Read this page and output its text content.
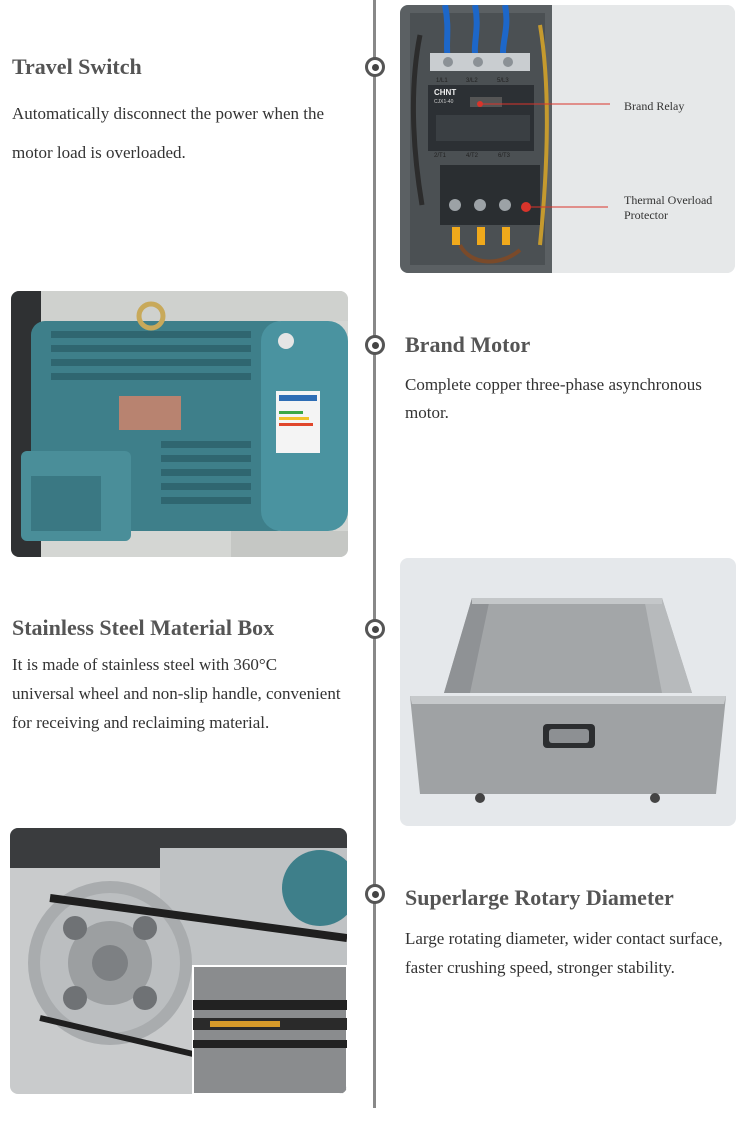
Travel Switch
Automatically disconnect the power when the motor load is overloaded.
1/L1	3/L2	5/L3
CHNT
CJX1-40
2/T1	4/T2	6/T3
Brand Relay
Thermal Overload
Protector
Brand Motor
Complete copper three-phase asynchronous motor.
Stainless Steel Material Box
It is made of stainless steel with 360°C universal wheel and non-slip handle, convenient for receiving and reclaiming material.
Superlarge Rotary Diameter
Large rotating diameter, wider contact surface, faster crushing speed, stronger stability.
